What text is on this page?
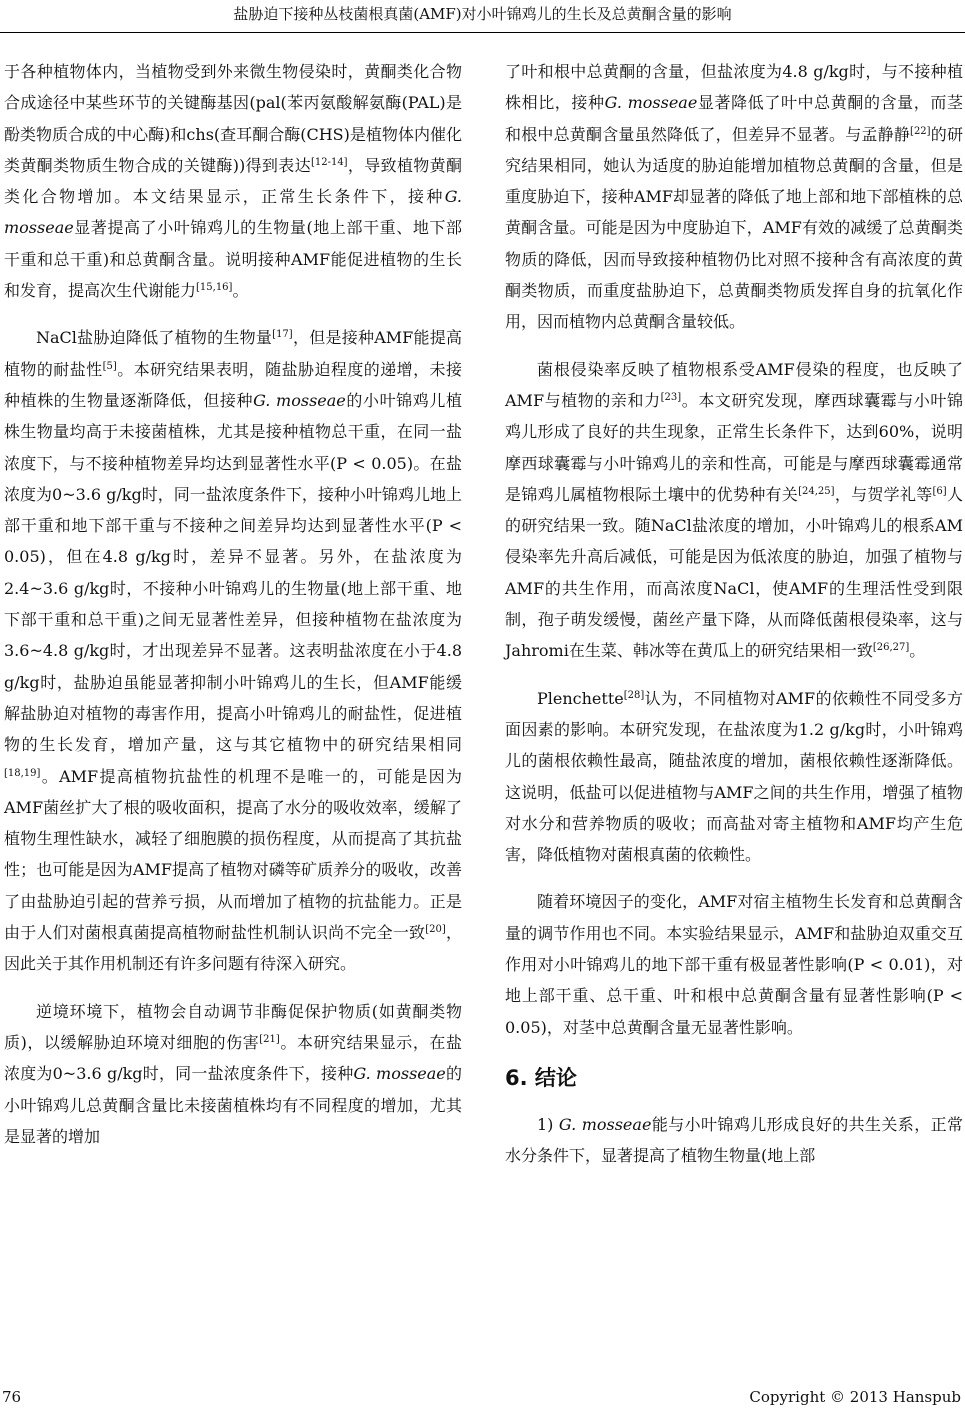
盐胁迫下接种丛枝菌根真菌(AMF)对小叶锦鸡儿的生长及总黄酮含量的影响

于各种植物体内，当植物受到外来微生物侵染时，黄酮类化合物合成途径中某些环节的关键酶基因(pal(苯丙氨酸解氨酶(PAL)是酚类物质合成的中心酶)和chs(查耳酮合酶(CHS)是植物体内催化类黄酮类物质生物合成的关键酶))得到表达[12-14]，导致植物黄酮类化合物增加。本文结果显示，正常生长条件下，接种G. mosseae显著提高了小叶锦鸡儿的生物量(地上部干重、地下部干重和总干重)和总黄酮含量。说明接种AMF能促进植物的生长和发育，提高次生代谢能力[15,16]。

NaCl盐胁迫降低了植物的生物量[17]，但是接种AMF能提高植物的耐盐性[5]。本研究结果表明，随盐胁迫程度的递增，未接种植株的生物量逐渐降低，但接种G. mosseae的小叶锦鸡儿植株生物量均高于未接菌植株，尤其是接种植物总干重，在同一盐浓度下，与不接种植物差异均达到显著性水平(P < 0.05)。在盐浓度为0~3.6 g/kg时，同一盐浓度条件下，接种小叶锦鸡儿地上部干重和地下部干重与不接种之间差异均达到显著性水平(P < 0.05)，但在4.8 g/kg时，差异不显著。另外，在盐浓度为2.4~3.6 g/kg时，不接种小叶锦鸡儿的生物量(地上部干重、地下部干重和总干重)之间无显著性差异，但接种植物在盐浓度为3.6~4.8 g/kg时，才出现差异不显著。这表明盐浓度在小于4.8 g/kg时，盐胁迫虽能显著抑制小叶锦鸡儿的生长，但AMF能缓解盐胁迫对植物的毒害作用，提高小叶锦鸡儿的耐盐性，促进植物的生长发育，增加产量，这与其它植物中的研究结果相同[18,19]。AMF提高植物抗盐性的机理不是唯一的，可能是因为AMF菌丝扩大了根的吸收面积，提高了水分的吸收效率，缓解了植物生理性缺水，减轻了细胞膜的损伤程度，从而提高了其抗盐性；也可能是因为AMF提高了植物对磷等矿质养分的吸收，改善了由盐胁迫引起的营养亏损，从而增加了植物的抗盐能力。正是由于人们对菌根真菌提高植物耐盐性机制认识尚不完全一致[20]，因此关于其作用机制还有许多问题有待深入研究。

逆境环境下，植物会自动调节非酶促保护物质(如黄酮类物质)，以缓解胁迫环境对细胞的伤害[21]。本研究结果显示，在盐浓度为0~3.6 g/kg时，同一盐浓度条件下，接种G. mosseae的小叶锦鸡儿总黄酮含量比未接菌植株均有不同程度的增加，尤其是显著的增加

了叶和根中总黄酮的含量，但盐浓度为4.8 g/kg时，与不接种植株相比，接种G. mosseae显著降低了叶中总黄酮的含量，而茎和根中总黄酮含量虽然降低了，但差异不显著。与孟静静[22]的研究结果相同，她认为适度的胁迫能增加植物总黄酮的含量，但是重度胁迫下，接种AMF却显著的降低了地上部和地下部植株的总黄酮含量。可能是因为中度胁迫下，AMF有效的减缓了总黄酮类物质的降低，因而导致接种植物仍比对照不接种含有高浓度的黄酮类物质，而重度盐胁迫下，总黄酮类物质发挥自身的抗氧化作用，因而植物内总黄酮含量较低。

菌根侵染率反映了植物根系受AMF侵染的程度，也反映了AMF与植物的亲和力[23]。本文研究发现，摩西球囊霉与小叶锦鸡儿形成了良好的共生现象，正常生长条件下，达到60%，说明摩西球囊霉与小叶锦鸡儿的亲和性高，可能是与摩西球囊霉通常是锦鸡儿属植物根际土壤中的优势种有关[24,25]，与贺学礼等[6]人的研究结果一致。随NaCl盐浓度的增加，小叶锦鸡儿的根系AM侵染率先升高后减低，可能是因为低浓度的胁迫，加强了植物与AMF的共生作用，而高浓度NaCl，使AMF的生理活性受到限制，孢子萌发缓慢，菌丝产量下降，从而降低菌根侵染率，这与Jahromi在生菜、韩冰等在黄瓜上的研究结果相一致[26,27]。

Plenchette[28]认为，不同植物对AMF的依赖性不同受多方面因素的影响。本研究发现，在盐浓度为1.2 g/kg时，小叶锦鸡儿的菌根依赖性最高，随盐浓度的增加，菌根依赖性逐渐降低。这说明，低盐可以促进植物与AMF之间的共生作用，增强了植物对水分和营养物质的吸收；而高盐对寄主植物和AMF均产生危害，降低植物对菌根真菌的依赖性。

随着环境因子的变化，AMF对宿主植物生长发育和总黄酮含量的调节作用也不同。本实验结果显示，AMF和盐胁迫双重交互作用对小叶锦鸡儿的地下部干重有极显著性影响(P < 0.01)，对地上部干重、总干重、叶和根中总黄酮含量有显著性影响(P < 0.05)，对茎中总黄酮含量无显著性影响。

6. 结论

1) G. mosseae能与小叶锦鸡儿形成良好的共生关系，正常水分条件下，显著提高了植物生物量(地上部

76	Copyright © 2013 Hanspub
